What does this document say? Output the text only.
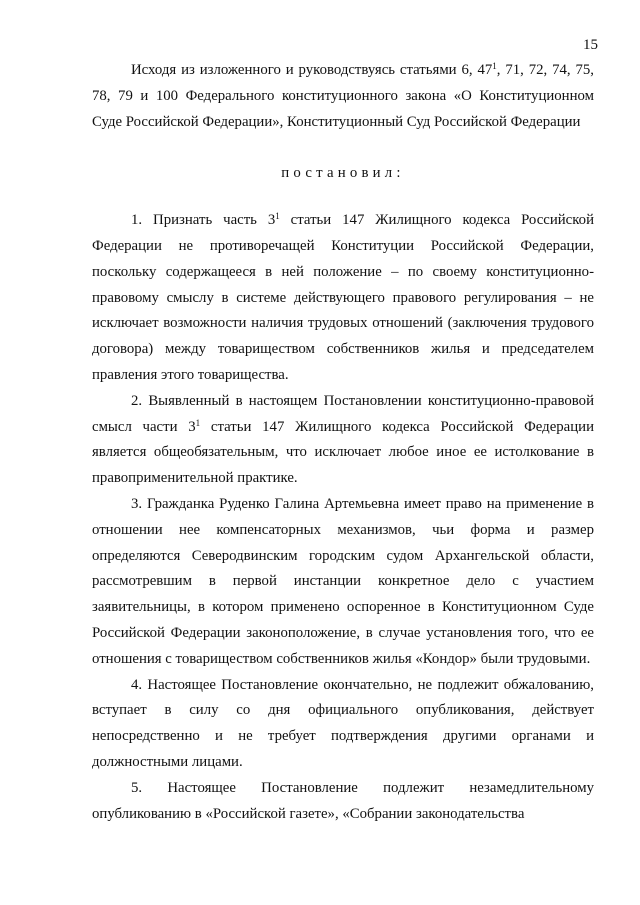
15

Исходя из изложенного и руководствуясь статьями 6, $47^1$, 71, 72, 74, 75, 78, 79 и 100 Федерального конституционного закона «О Конституционном Суде Российской Федерации», Конституционный Суд Российской Федерации

постановил:

1. Признать часть $3^1$ статьи 147 Жилищного кодекса Российской Федерации не противоречащей Конституции Российской Федерации, поскольку содержащееся в ней положение – по своему конституционно-правовому смыслу в системе действующего правового регулирования – не исключает возможности наличия трудовых отношений (заключения трудового договора) между товариществом собственников жилья и председателем правления этого товарищества.

2. Выявленный в настоящем Постановлении конституционно-правовой смысл части $3^1$ статьи 147 Жилищного кодекса Российской Федерации является общеобязательным, что исключает любое иное ее истолкование в правоприменительной практике.

3. Гражданка Руденко Галина Артемьевна имеет право на применение в отношении нее компенсаторных механизмов, чьи форма и размер определяются Северодвинским городским судом Архангельской области, рассмотревшим в первой инстанции конкретное дело с участием заявительницы, в котором применено оспоренное в Конституционном Суде Российской Федерации законоположение, в случае установления того, что ее отношения с товариществом собственников жилья «Кондор» были трудовыми.

4. Настоящее Постановление окончательно, не подлежит обжалованию, вступает в силу со дня официального опубликования, действует непосредственно и не требует подтверждения другими органами и должностными лицами.

5. Настоящее Постановление подлежит незамедлительному опубликованию в «Российской газете», «Собрании законодательства
